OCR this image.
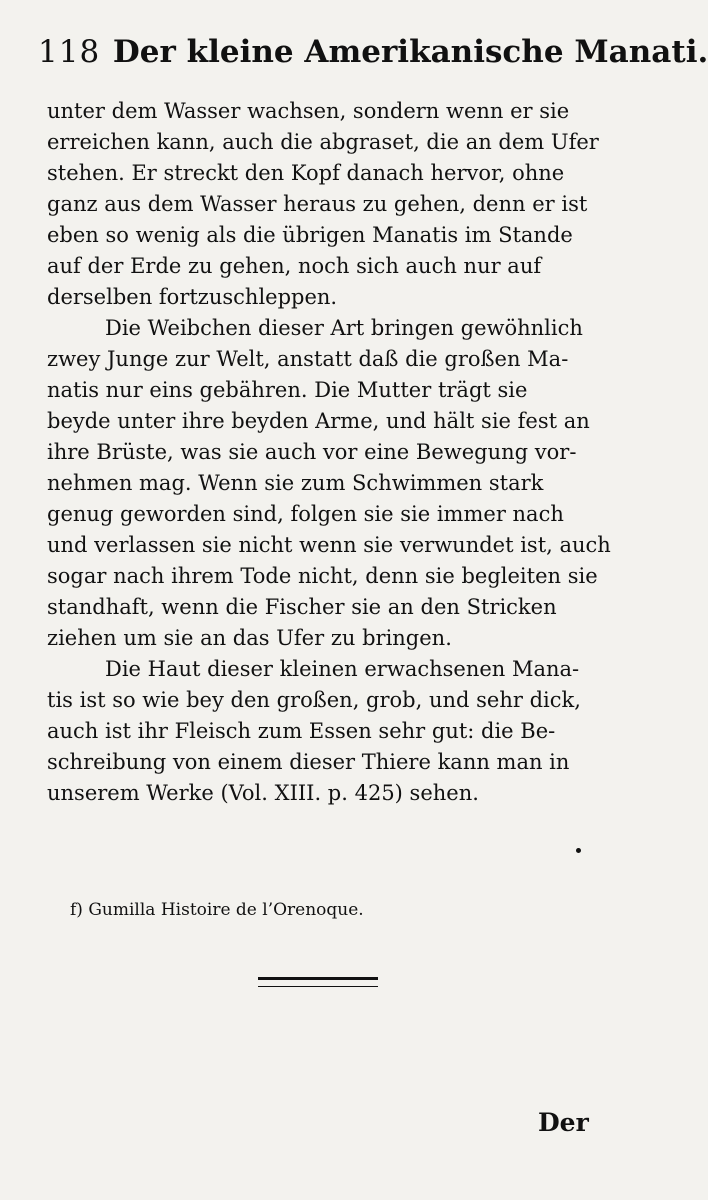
118 Der kleine Amerikanische Manati.
unter dem Wasser wachsen, sondern wenn er sie
erreichen kann, auch die abgraset, die an dem Ufer
stehen. Er streckt den Kopf danach hervor, ohne
ganz aus dem Wasser heraus zu gehen, denn er ist
eben so wenig als die übrigen Manatis im Stande
auf der Erde zu gehen, noch sich auch nur auf
derselben fortzuschleppen.
Die Weibchen dieser Art bringen gewöhnlich
zwey Junge zur Welt, anstatt daß die großen Ma-
natis nur eins gebähren. Die Mutter trägt sie
beyde unter ihre beyden Arme, und hält sie fest an
ihre Brüste, was sie auch vor eine Bewegung vor-
nehmen mag. Wenn sie zum Schwimmen stark
genug geworden sind, folgen sie sie immer nach
und verlassen sie nicht wenn sie verwundet ist, auch
sogar nach ihrem Tode nicht, denn sie begleiten sie
standhaft, wenn die Fischer sie an den Stricken
ziehen um sie an das Ufer zu bringen.
Die Haut dieser kleinen erwachsenen Mana-
tis ist so wie bey den großen, grob, und sehr dick,
auch ist ihr Fleisch zum Essen sehr gut: die Be-
schreibung von einem dieser Thiere kann man in
unserem Werke (Vol. XIII. p. 425) sehen.
f) Gumilla Histoire de l’Orenoque.
Der
